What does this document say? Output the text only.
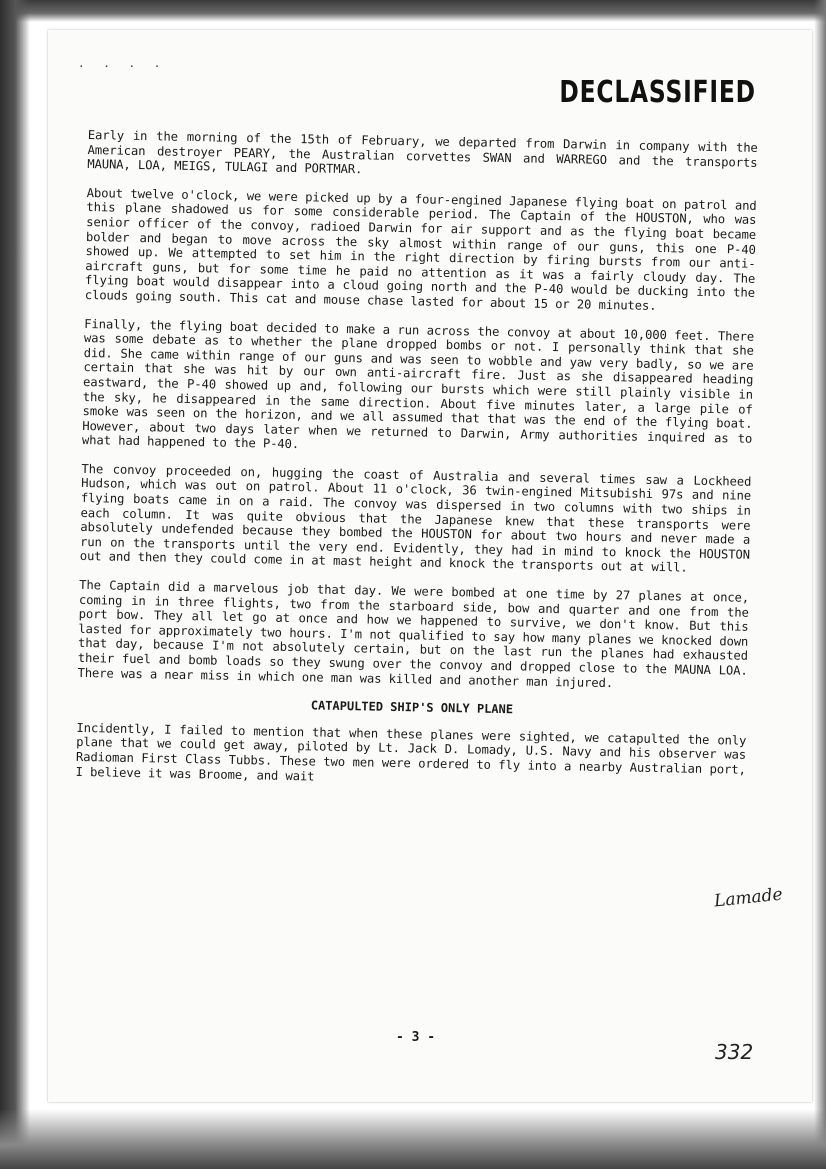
· · · ·
DECLASSIFIED

Early in the morning of the 15th of February, we departed from Darwin in company with the American destroyer PEARY, the Australian corvettes SWAN and WARREGO and the transports MAUNA, LOA, MEIGS, TULAGI and PORTMAR.

About twelve o'clock, we were picked up by a four-engined Japanese flying boat on patrol and this plane shadowed us for some considerable period. The Captain of the HOUSTON, who was senior officer of the convoy, radioed Darwin for air support and as the flying boat became bolder and began to move across the sky almost within range of our guns, this one P-40 showed up. We attempted to set him in the right direction by firing bursts from our anti-aircraft guns, but for some time he paid no attention as it was a fairly cloudy day. The flying boat would disappear into a cloud going north and the P-40 would be ducking into the clouds going south. This cat and mouse chase lasted for about 15 or 20 minutes.

Finally, the flying boat decided to make a run across the convoy at about 10,000 feet. There was some debate as to whether the plane dropped bombs or not. I personally think that she did. She came within range of our guns and was seen to wobble and yaw very badly, so we are certain that she was hit by our own anti-aircraft fire. Just as she disappeared heading eastward, the P-40 showed up and, following our bursts which were still plainly visible in the sky, he disappeared in the same direction. About five minutes later, a large pile of smoke was seen on the horizon, and we all assumed that that was the end of the flying boat. However, about two days later when we returned to Darwin, Army authorities inquired as to what had happened to the P-40.

The convoy proceeded on, hugging the coast of Australia and several times saw a Lockheed Hudson, which was out on patrol. About 11 o'clock, 36 twin-engined Mitsubishi 97s and nine flying boats came in on a raid. The convoy was dispersed in two columns with two ships in each column. It was quite obvious that the Japanese knew that these transports were absolutely undefended because they bombed the HOUSTON for about two hours and never made a run on the transports until the very end. Evidently, they had in mind to knock the HOUSTON out and then they could come in at mast height and knock the transports out at will.

The Captain did a marvelous job that day. We were bombed at one time by 27 planes at once, coming in in three flights, two from the starboard side, bow and quarter and one from the port bow. They all let go at once and how we happened to survive, we don't know. But this lasted for approximately two hours. I'm not qualified to say how many planes we knocked down that day, because I'm not absolutely certain, but on the last run the planes had exhausted their fuel and bomb loads so they swung over the convoy and dropped close to the MAUNA LOA. There was a near miss in which one man was killed and another man injured.

CATAPULTED SHIP'S ONLY PLANE

Incidently, I failed to mention that when these planes were sighted, we catapulted the only plane that we could get away, piloted by Lt. Jack D. Lomady, U.S. Navy and his observer was Radioman First Class Tubbs. These two men were ordered to fly into a nearby Australian port, I believe it was Broome, and wait

Lamade
- 3 -
332
